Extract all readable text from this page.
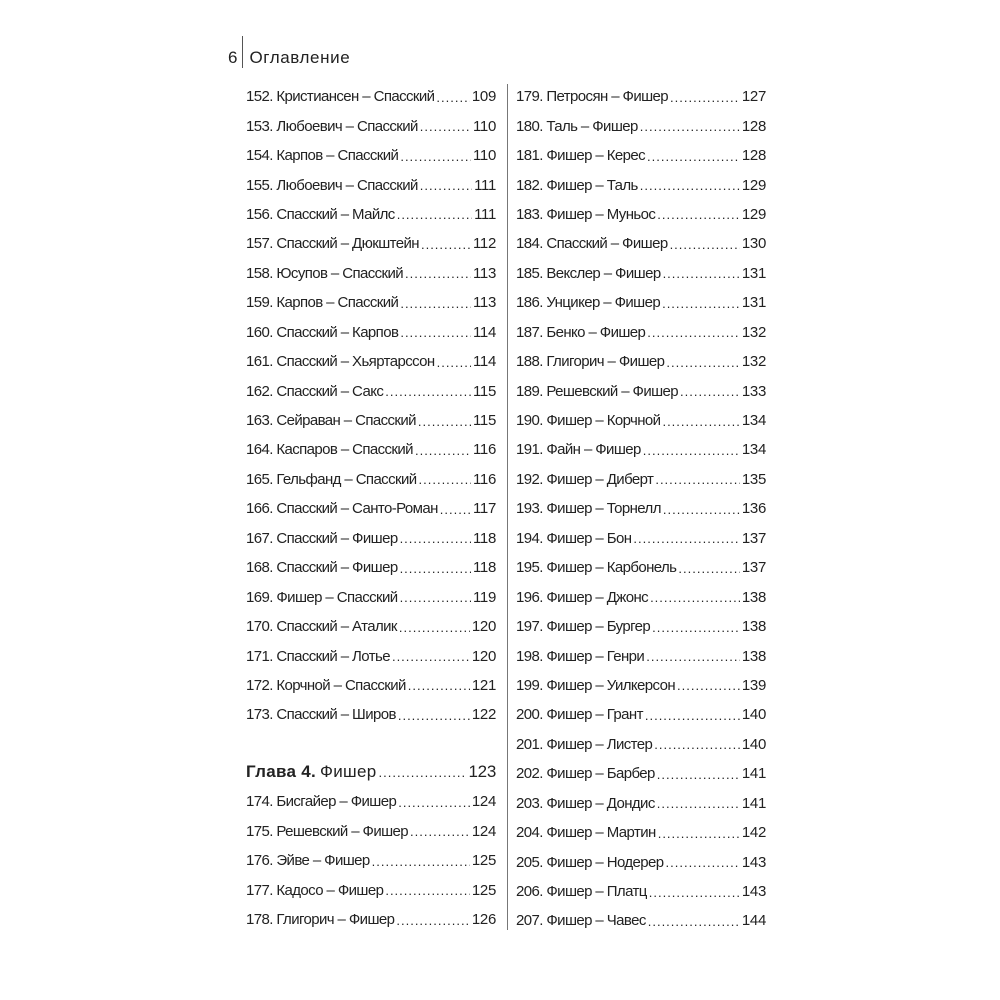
6 Оглавление
152. Кристиансен – Спасский ..... 109
153. Любоевич – Спасский .....	110
154. Карпов – Спасский .....	110
155. Любоевич – Спасский .....	111
156. Спасский – Майлс .....	111
157. Спасский – Дюкштейн .....	112
158. Юсупов – Спасский .....	113
159. Карпов – Спасский .....	113
160. Спасский – Карпов .....	114
161. Спасский – Хьяртарссон .....	114
162. Спасский – Сакс .....	115
163. Сейраван – Спасский .....	115
164. Каспаров – Спасский .....	116
165. Гельфанд – Спасский .....	116
166. Спасский – Санто-Роман ..... 117
167. Спасский – Фишер .....	118
168. Спасский – Фишер .....	118
169. Фишер – Спасский .....	119
170. Спасский – Аталик .....	120
171. Спасский – Лотье .....	120
172. Корчной – Спасский .....	121
173. Спасский – Широв .....	122
Глава 4. Фишер .....	123
174. Бисгайер – Фишер .....	124
175. Решевский – Фишер .....	124
176. Эйве – Фишер .....	125
177. Кадосо – Фишер .....	125
178. Глигорич – Фишер .....	126
179. Петросян – Фишер .....	127
180. Таль – Фишер .....	128
181. Фишер – Керес .....	128
182. Фишер – Таль .....	129
183. Фишер – Муньос .....	129
184. Спасский – Фишер .....	130
185. Векслер – Фишер .....	131
186. Унцикер – Фишер .....	131
187. Бенко – Фишер .....	132
188. Глигорич – Фишер .....	132
189. Решевский – Фишер .....	133
190. Фишер – Корчной .....	134
191. Файн – Фишер .....	134
192. Фишер – Диберт .....	135
193. Фишер – Торнелл .....	136
194. Фишер – Бон .....	137
195. Фишер – Карбонель .....	137
196. Фишер – Джонс .....	138
197. Фишер – Бургер .....	138
198. Фишер – Генри .....	138
199. Фишер – Уилкерсон .....	139
200. Фишер – Грант .....	140
201. Фишер – Листер .....	140
202. Фишер – Барбер .....	141
203. Фишер – Дондис .....	141
204. Фишер – Мартин .....	142
205. Фишер – Нодерер .....	143
206. Фишер – Платц .....	143
207. Фишер – Чавес .....	144
